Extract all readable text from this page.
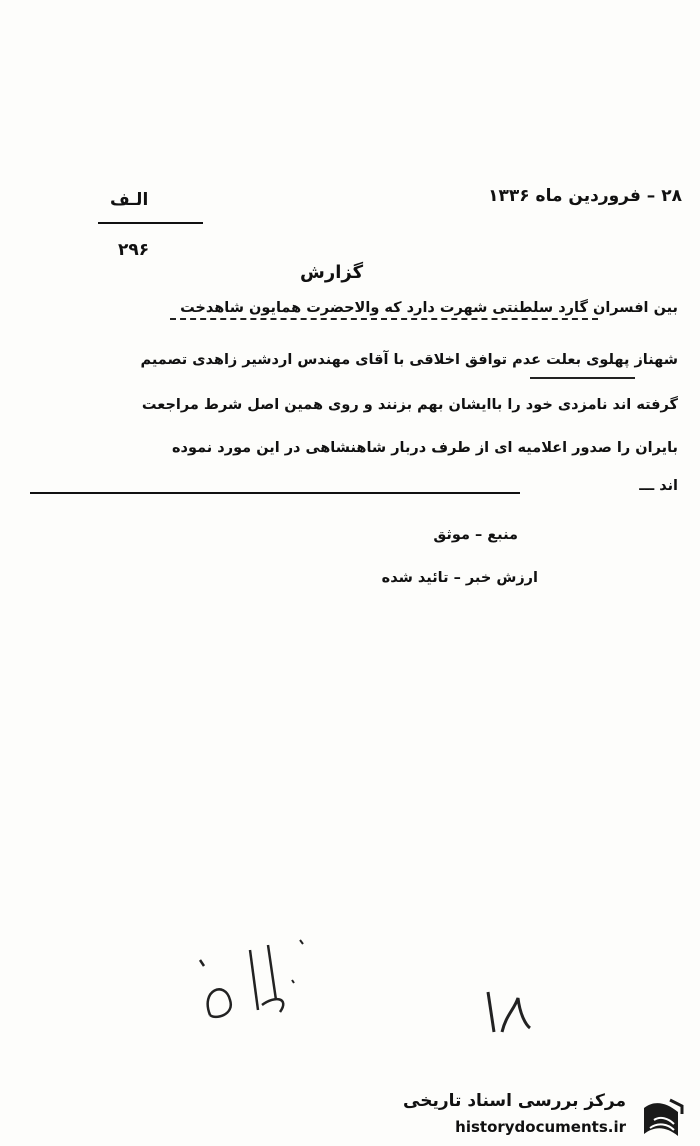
۲۸ – فروردین ماه ۱۳۳۶
الـف
۲۹۶
گزارش
بین افسران گارد سلطنتی شهرت دارد که والاحضرت همایون شاهدخت
شهناز پهلوی بعلت عدم توافق اخلاقی با آقای مهندس اردشیر زاهدی تصمیم
گرفته اند نامزدی خود را باایشان بهم بزنند و روی همین اصل شرط مراجعت
بایران را صدور اعلامیه ای از طرف دربار شاهنشاهی در این مورد نموده
اند ـــ
منبع – موثق
ارزش خبر – تائید شده
مرکز بررسی اسناد تاریخی
historydocuments.ir
